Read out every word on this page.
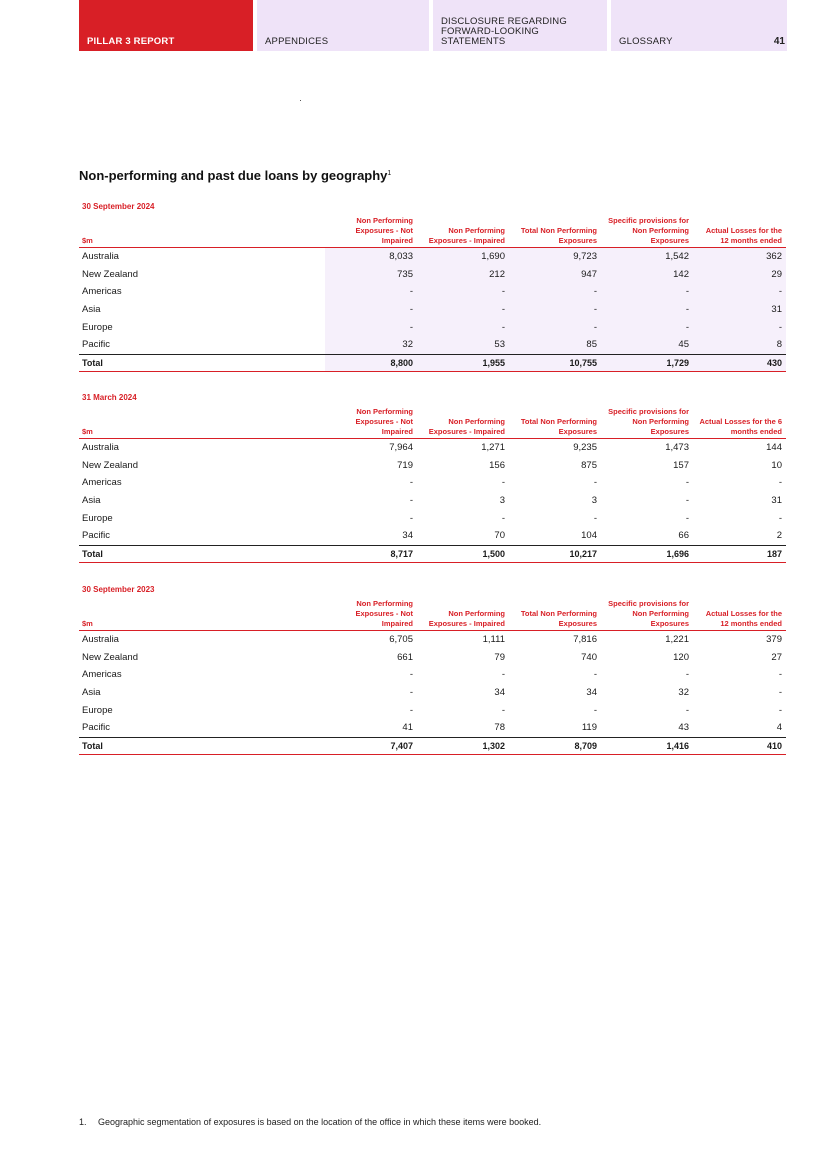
PILLAR 3 REPORT	APPENDICES
DISCLOSURE REGARDING FORWARD-LOOKING STATEMENTS	GLOSSARY	41
Non-performing and past due loans by geography$^1$
30 September 2024
$m	Non Performing Exposures - Not Impaired	Non Performing Exposures - Impaired	Total Non Performing Exposures	Specific provisions for Non Performing Exposures	Actual Losses for the 12 months ended
Australia	8,033	1,690	9,723	1,542	362
New Zealand	735	212	947	142	29
Americas	-	-	-	-	-
Asia	-	-	-	-	31
Europe	-	-	-	-	-
Pacific	32	53	85	45	8
Total	8,800	1,955	10,755	1,729	430
31 March 2024
$m	Non Performing Exposures - Not Impaired	Non Performing Exposures - Impaired	Total Non Performing Exposures	Specific provisions for Non Performing Exposures	Actual Losses for the 6 months ended
Australia	7,964	1,271	9,235	1,473	144
New Zealand	719	156	875	157	10
Americas	-	-	-	-	-
Asia	-	3	3	-	31
Europe	-	-	-	-	-
Pacific	34	70	104	66	2
Total	8,717	1,500	10,217	1,696	187
30 September 2023
$m	Non Performing Exposures - Not Impaired	Non Performing Exposures - Impaired	Total Non Performing Exposures	Specific provisions for Non Performing Exposures	Actual Losses for the 12 months ended
Australia	6,705	1,111	7,816	1,221	379
New Zealand	661	79	740	120	27
Americas	-	-	-	-	-
Asia	-	34	34	32	-
Europe	-	-	-	-	-
Pacific	41	78	119	43	4
Total	7,407	1,302	8,709	1,416	410
1. Geographic segmentation of exposures is based on the location of the office in which these items were booked.
